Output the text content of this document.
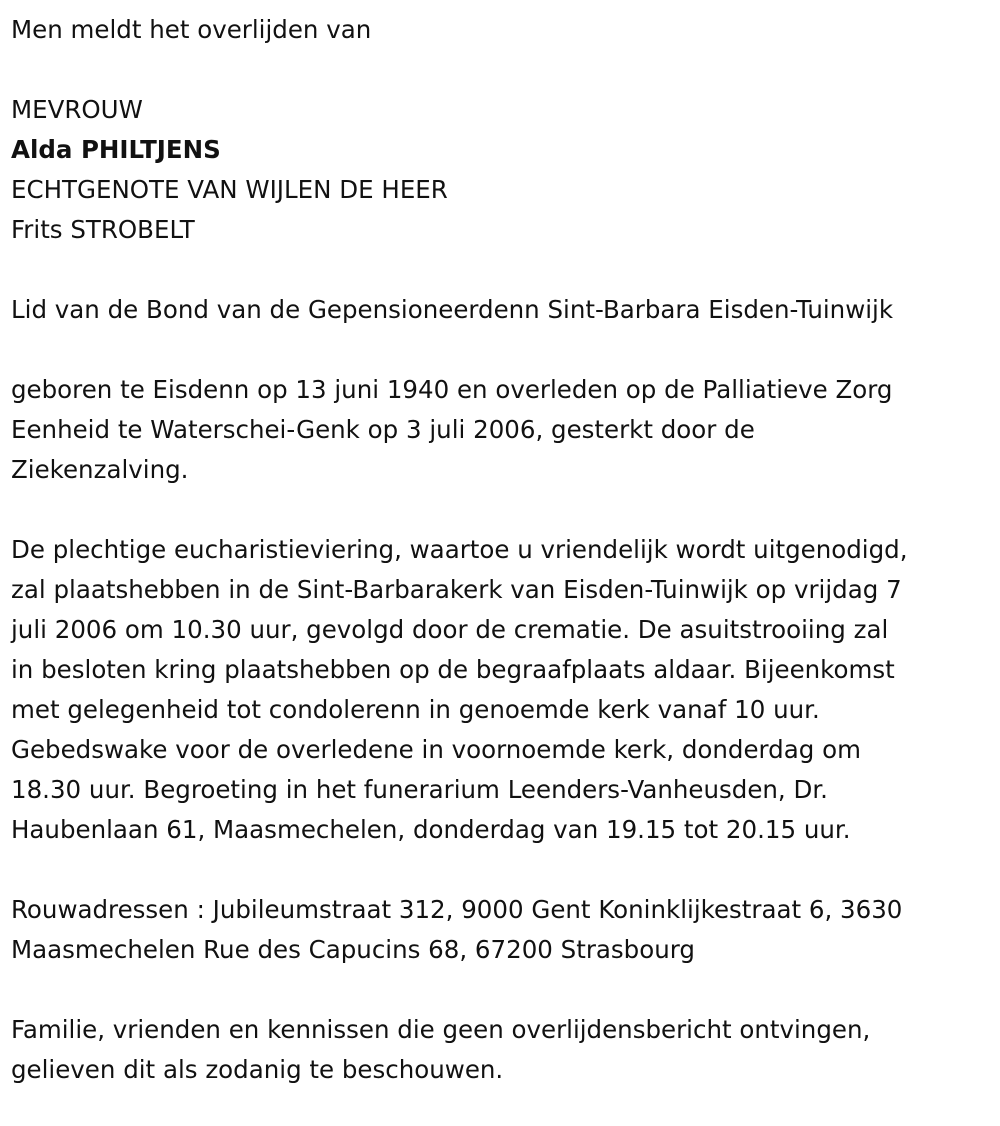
Men meldt het overlijden van

MEVROUW

Alda PHILTJENS

ECHTGENOTE VAN WIJLEN DE HEER

Frits STROBELT

Lid van de Bond van de Gepensioneerdenn Sint-Barbara Eisden-Tuinwijk

geboren te Eisdenn op 13 juni 1940 en overleden op de Palliatieve Zorg
Eenheid te Waterschei-Genk op 3 juli 2006, gesterkt door de
Ziekenzalving.

De plechtige eucharistieviering, waartoe u vriendelijk wordt uitgenodigd,
zal plaatshebben in de Sint-Barbarakerk van Eisden-Tuinwijk op vrijdag 7
juli 2006 om 10.30 uur, gevolgd door de crematie. De asuitstrooiing zal
in besloten kring plaatshebben op de begraafplaats aldaar. Bijeenkomst
met gelegenheid tot condolerenn in genoemde kerk vanaf 10 uur.
Gebedswake voor de overledene in voornoemde kerk, donderdag om
18.30 uur. Begroeting in het funerarium Leenders-Vanheusden, Dr.
Haubenlaan 61, Maasmechelen, donderdag van 19.15 tot 20.15 uur.

Rouwadressen : Jubileumstraat 312, 9000 Gent Koninklijkestraat 6, 3630
Maasmechelen Rue des Capucins 68, 67200 Strasbourg

Familie, vrienden en kennissen die geen overlijdensbericht ontvingen,
gelieven dit als zodanig te beschouwen.
